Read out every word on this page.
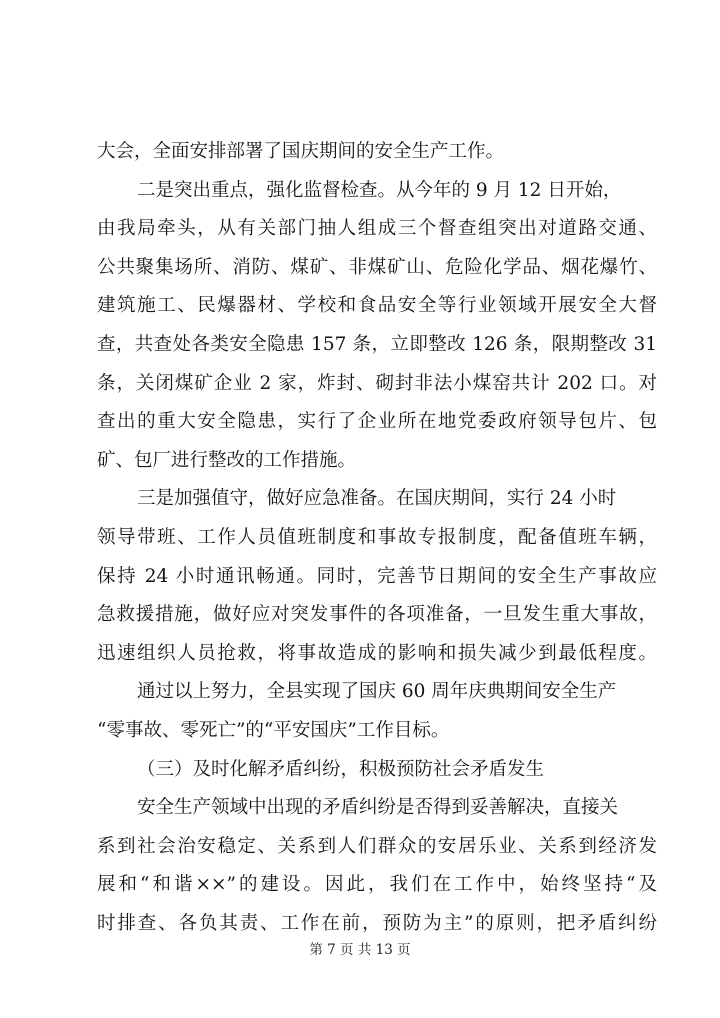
大会，全面安排部署了国庆期间的安全生产工作。
二是突出重点，强化监督检查。从今年的 9 月 12 日开始，
由我局牵头，从有关部门抽人组成三个督查组突出对道路交通、
公共聚集场所、消防、煤矿、非煤矿山、危险化学品、烟花爆竹、
建筑施工、民爆器材、学校和食品安全等行业领域开展安全大督
查，共查处各类安全隐患 157 条，立即整改 126 条，限期整改 31
条，关闭煤矿企业 2 家，炸封、砌封非法小煤窑共计 202 口。对
查出的重大安全隐患，实行了企业所在地党委政府领导包片、包
矿、包厂进行整改的工作措施。
三是加强值守，做好应急准备。在国庆期间，实行 24 小时
领导带班、工作人员值班制度和事故专报制度，配备值班车辆，
保持 24 小时通讯畅通。同时，完善节日期间的安全生产事故应
急救援措施，做好应对突发事件的各项准备，一旦发生重大事故，
迅速组织人员抢救，将事故造成的影响和损失减少到最低程度。
通过以上努力，全县实现了国庆 60 周年庆典期间安全生产
“零事故、零死亡”的“平安国庆”工作目标。
（三）及时化解矛盾纠纷，积极预防社会矛盾发生
安全生产领域中出现的矛盾纠纷是否得到妥善解决，直接关
系到社会治安稳定、关系到人们群众的安居乐业、关系到经济发
展和“和谐××”的建设。因此，我们在工作中，始终坚持“及
时排查、各负其责、工作在前，预防为主”的原则，把矛盾纠纷
第 7 页 共 13 页
